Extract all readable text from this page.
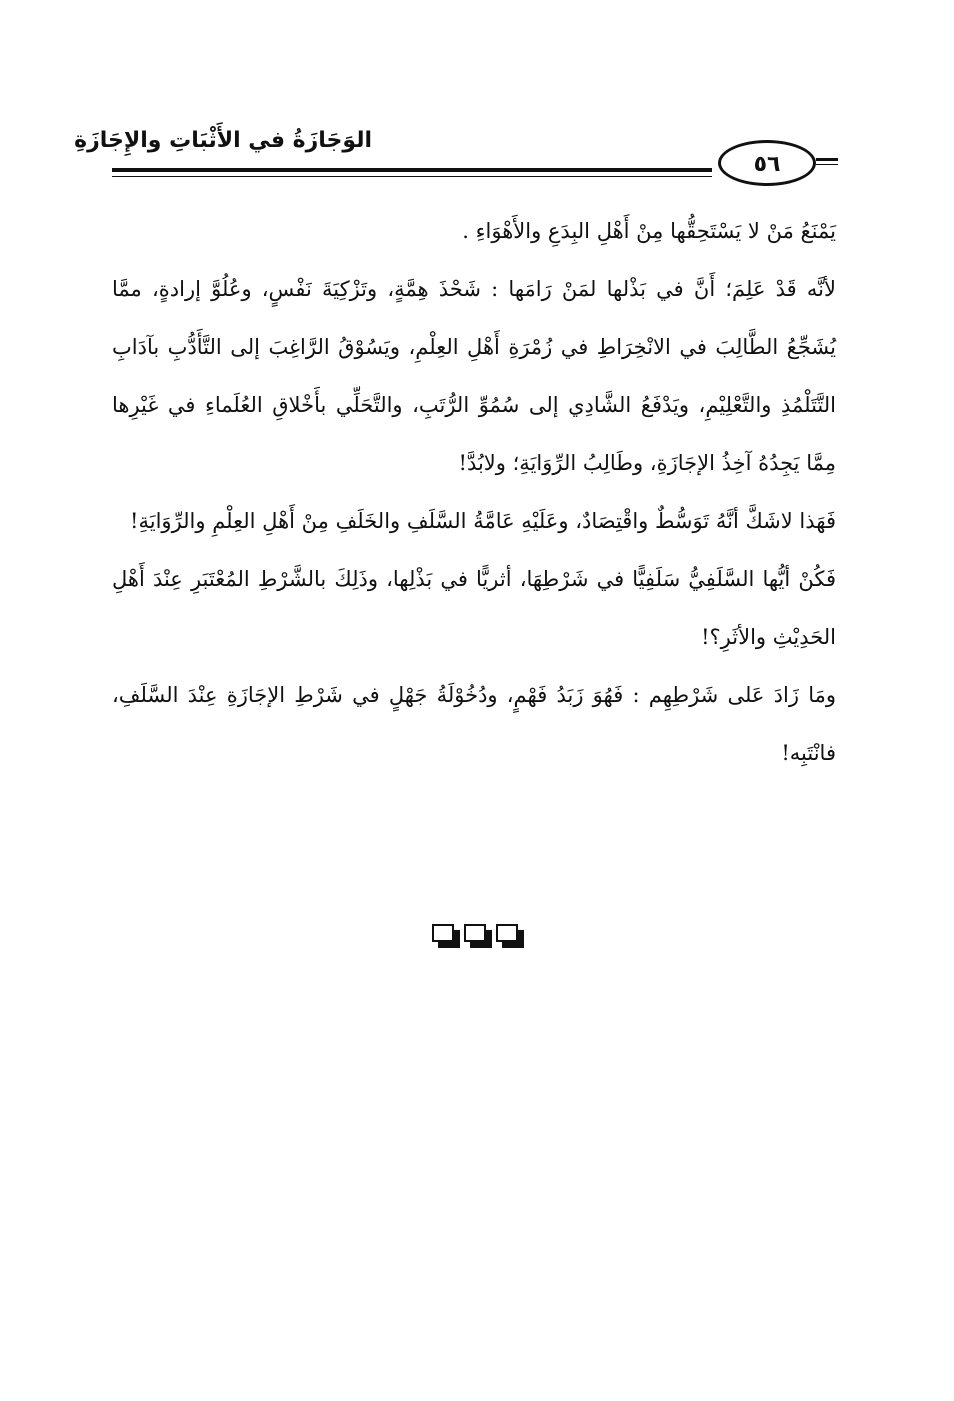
الوَجَازَةُ في الأَثْبَاتِ والإِجَازَةِ
٥٦

يَمْنَعُ مَنْ لا يَسْتَحِقُّها مِنْ أَهْلِ البِدَعِ والأَهْوَاءِ .

لأنَّه قَدْ عَلِمَ؛ أَنَّ في بَذْلها لمَنْ رَامَها : شَحْذَ هِمَّةٍ، وتَزْكِيَةَ نَفْسٍ، وعُلُوَّ إرادةٍ، ممَّا يُشَجِّعُ الطَّالِبَ في الانْخِرَاطِ في زُمْرَةِ أَهْلِ العِلْمِ، ويَسُوْقُ الرَّاغِبَ إلى التَّأَدُّبِ بآدَابِ التَّتَلْمُذِ والتَّعْلِيْمِ، ويَدْفَعُ الشَّادِي إلى سُمُوِّ الرُّتَبِ، والتَّحَلِّي بأَخْلاقِ العُلَماءِ في غَيْرِها مِمَّا يَجِدُهُ آخِذُ الإجَازَةِ، وطَالِبُ الرِّوَايَةِ؛ ولابُدَّ!

فَهَذا لاشَكَّ أنَّهُ تَوَسُّطٌ واقْتِصَادٌ، وعَلَيْهِ عَامَّةُ السَّلَفِ والخَلَفِ مِنْ أَهْلِ العِلْمِ والرِّوَايَةِ!

فَكُنْ أيُّها السَّلَفِيُّ سَلَفِيًّا في شَرْطِهَا، أثريًّا في بَذْلِها، وذَلِكَ بالشَّرْطِ المُعْتَبَرِ عِنْدَ أَهْلِ الحَدِيْثِ والأثَرِ؟!

ومَا زَادَ عَلى شَرْطِهِم : فَهُوَ زَبَدُ فَهْمٍ، ودُخُوْلَةُ جَهْلٍ في شَرْطِ الإجَازَةِ عِنْدَ السَّلَفِ، فانْتَبِه!
